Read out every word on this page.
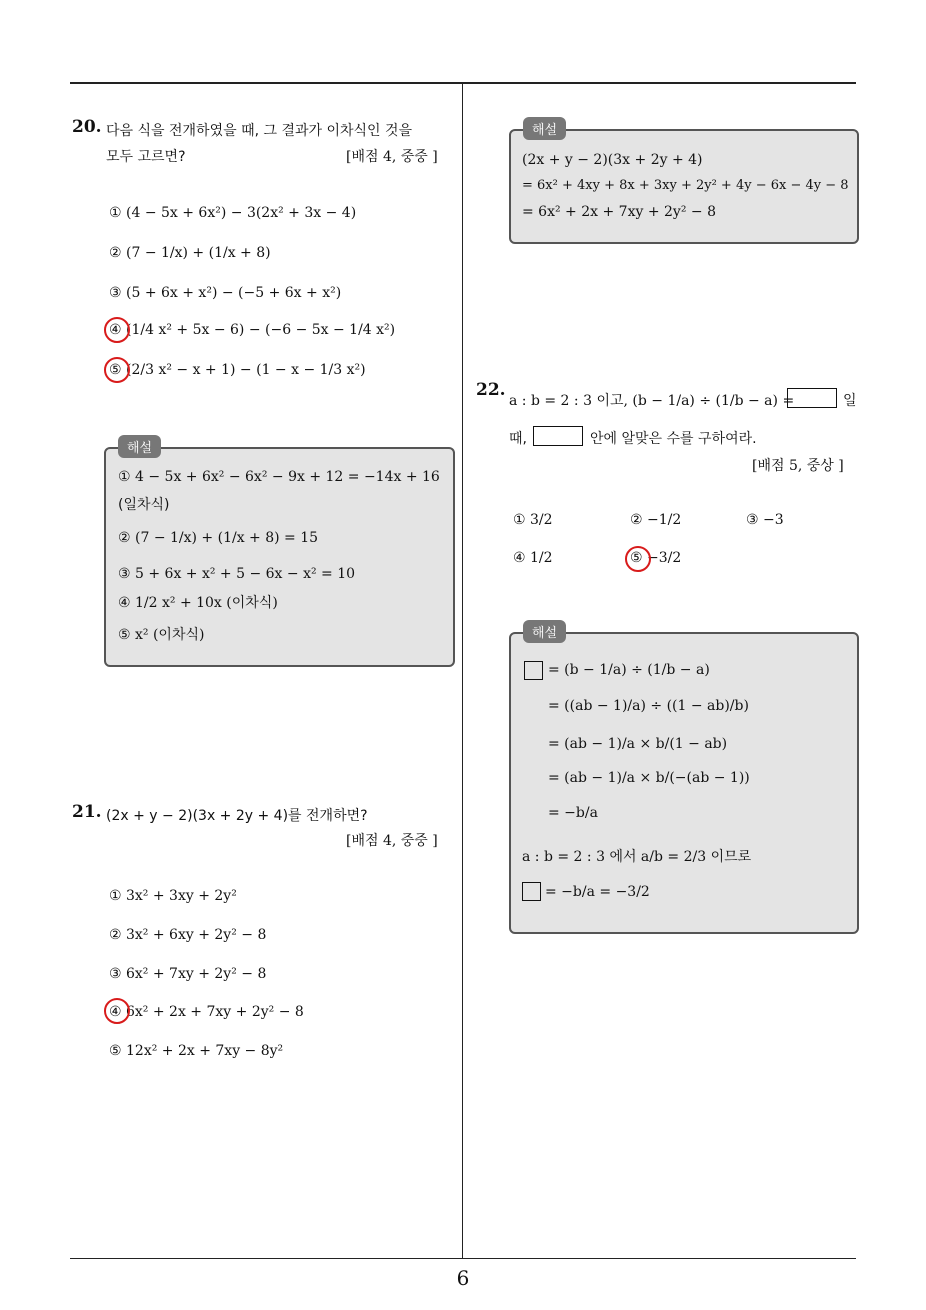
20. 다음 식을 전개하였을 때, 그 결과가 이차식인 것을
모두 고르면?	[배점 4, 중중 ]
① (4 − 5x + 6x²) − 3(2x² + 3x − 4)
② (7 − 1/x) + (1/x + 8)
③ (5 + 6x + x²) − (−5 + 6x + x²)
④ (1/4 x² + 5x − 6) − (−6 − 5x − 1/4 x²)
⑤ (2/3 x² − x + 1) − (1 − x − 1/3 x²)
해설
① 4 − 5x + 6x² − 6x² − 9x + 12 = −14x + 16
(일차식)
② (7 − 1/x) + (1/x + 8) = 15
③ 5 + 6x + x² + 5 − 6x − x² = 10
④ 1/2 x² + 10x (이차식)
⑤ x² (이차식)
21. (2x + y − 2)(3x + 2y + 4)를 전개하면?
[배점 4, 중중 ]
① 3x² + 3xy + 2y²
② 3x² + 6xy + 2y² − 8
③ 6x² + 7xy + 2y² − 8
④ 6x² + 2x + 7xy + 2y² − 8
⑤ 12x² + 2x + 7xy − 8y²
해설
(2x + y − 2)(3x + 2y + 4)
= 6x² + 4xy + 8x + 3xy + 2y² + 4y − 6x − 4y − 8
= 6x² + 2x + 7xy + 2y² − 8
22.
a : b = 2 : 3 이고, (b − 1/a) ÷ (1/b − a) =	일
때,	안에 알맞은 수를 구하여라.
[배점 5, 중상 ]
① 3/2	② −1/2	③ −3
④ 1/2	⑤ −3/2
해설
= (b − 1/a) ÷ (1/b − a)
= ((ab − 1)/a) ÷ ((1 − ab)/b)
= (ab − 1)/a × b/(1 − ab)
= (ab − 1)/a × b/(−(ab − 1))
= −b/a
a : b = 2 : 3 에서 a/b = 2/3 이므로
= −b/a = −3/2
6
